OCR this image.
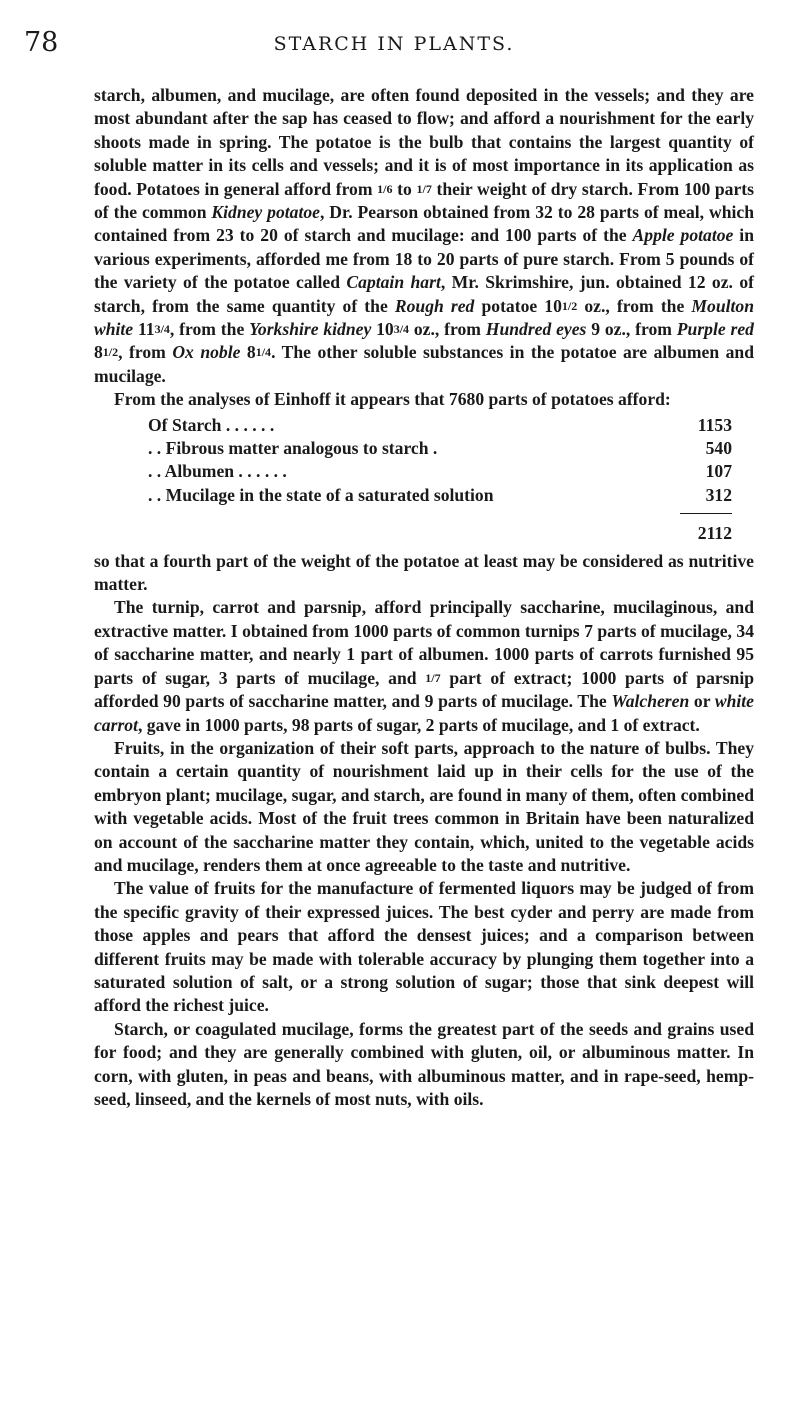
78	STARCH IN PLANTS.

starch, albumen, and mucilage, are often found deposited in the vessels; and they are most abundant after the sap has ceased to flow; and afford a nourishment for the early shoots made in spring. The potatoe is the bulb that contains the largest quantity of soluble matter in its cells and vessels; and it is of most importance in its application as food. Potatoes in general afford from 1/6 to 1/7 their weight of dry starch. From 100 parts of the common Kidney potatoe, Dr. Pearson obtained from 32 to 28 parts of meal, which contained from 23 to 20 of starch and mucilage: and 100 parts of the Apple potatoe in various experiments, afforded me from 18 to 20 parts of pure starch. From 5 pounds of the variety of the potatoe called Captain hart, Mr. Skrimshire, jun. obtained 12 oz. of starch, from the same quantity of the Rough red potatoe 101/2 oz., from the Moulton white 113/4, from the Yorkshire kidney 103/4 oz., from Hundred eyes 9 oz., from Purple red 81/2, from Ox noble 81/4. The other soluble substances in the potatoe are albumen and mucilage.

From the analyses of Einhoff it appears that 7680 parts of potatoes afford:

Of Starch . . . . . .	1153
. . Fibrous matter analogous to starch .	540
. . Albumen . . . . . .	107
. . Mucilage in the state of a saturated solution	312
2112

so that a fourth part of the weight of the potatoe at least may be considered as nutritive matter.

The turnip, carrot and parsnip, afford principally saccharine, mucilaginous, and extractive matter. I obtained from 1000 parts of common turnips 7 parts of mucilage, 34 of saccharine matter, and nearly 1 part of albumen. 1000 parts of carrots furnished 95 parts of sugar, 3 parts of mucilage, and 1/7 part of extract; 1000 parts of parsnip afforded 90 parts of saccharine matter, and 9 parts of mucilage. The Walcheren or white carrot, gave in 1000 parts, 98 parts of sugar, 2 parts of mucilage, and 1 of extract.

Fruits, in the organization of their soft parts, approach to the nature of bulbs. They contain a certain quantity of nourishment laid up in their cells for the use of the embryon plant; mucilage, sugar, and starch, are found in many of them, often combined with vegetable acids. Most of the fruit trees common in Britain have been naturalized on account of the saccharine matter they contain, which, united to the vegetable acids and mucilage, renders them at once agreeable to the taste and nutritive.

The value of fruits for the manufacture of fermented liquors may be judged of from the specific gravity of their expressed juices. The best cyder and perry are made from those apples and pears that afford the densest juices; and a comparison between different fruits may be made with tolerable accuracy by plunging them together into a saturated solution of salt, or a strong solution of sugar; those that sink deepest will afford the richest juice.

Starch, or coagulated mucilage, forms the greatest part of the seeds and grains used for food; and they are generally combined with gluten, oil, or albuminous matter. In corn, with gluten, in peas and beans, with albuminous matter, and in rape-seed, hemp-seed, linseed, and the kernels of most nuts, with oils.
